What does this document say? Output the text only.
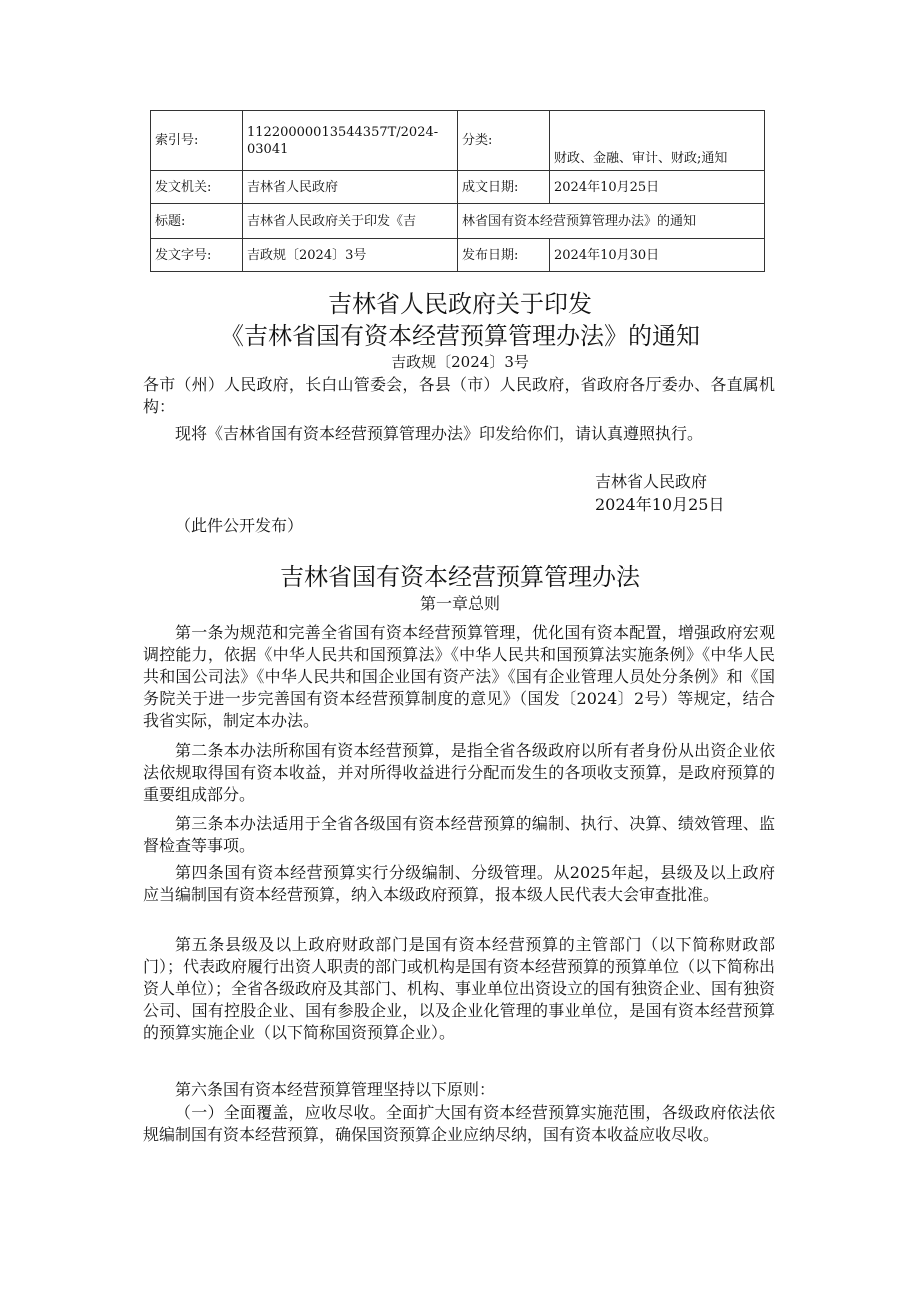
索引号:	11220000013544357T/2024-03041	分类:	财政、金融、审计、财政;通知
发文机关:	吉林省人民政府	成文日期:	2024年10月25日
标题:	吉林省人民政府关于印发《吉	林省国有资本经营预算管理办法》的通知	
发文字号:	吉政规〔2024〕3号	发布日期:	2024年10月30日

吉林省人民政府关于印发

《吉林省国有资本经营预算管理办法》的通知

吉政规〔2024〕3号

各市（州）人民政府，长白山管委会，各县（市）人民政府，省政府各厅委办、各直属机构：

现将《吉林省国有资本经营预算管理办法》印发给你们，请认真遵照执行。

吉林省人民政府

2024年10月25日

（此件公开发布）

吉林省国有资本经营预算管理办法

第一章总则

第一条为规范和完善全省国有资本经营预算管理，优化国有资本配置，增强政府宏观调控能力，依据《中华人民共和国预算法》《中华人民共和国预算法实施条例》《中华人民共和国公司法》《中华人民共和国企业国有资产法》《国有企业管理人员处分条例》和《国务院关于进一步完善国有资本经营预算制度的意见》（国发〔2024〕2号）等规定，结合我省实际，制定本办法。

第二条本办法所称国有资本经营预算，是指全省各级政府以所有者身份从出资企业依法依规取得国有资本收益，并对所得收益进行分配而发生的各项收支预算，是政府预算的重要组成部分。

第三条本办法适用于全省各级国有资本经营预算的编制、执行、决算、绩效管理、监督检查等事项。

第四条国有资本经营预算实行分级编制、分级管理。从2025年起，县级及以上政府应当编制国有资本经营预算，纳入本级政府预算，报本级人民代表大会审查批准。

第五条县级及以上政府财政部门是国有资本经营预算的主管部门（以下简称财政部门）；代表政府履行出资人职责的部门或机构是国有资本经营预算的预算单位（以下简称出资人单位）；全省各级政府及其部门、机构、事业单位出资设立的国有独资企业、国有独资公司、国有控股企业、国有参股企业，以及企业化管理的事业单位，是国有资本经营预算的预算实施企业（以下简称国资预算企业）。

第六条国有资本经营预算管理坚持以下原则：

（一）全面覆盖，应收尽收。全面扩大国有资本经营预算实施范围，各级政府依法依规编制国有资本经营预算，确保国资预算企业应纳尽纳，国有资本收益应收尽收。
